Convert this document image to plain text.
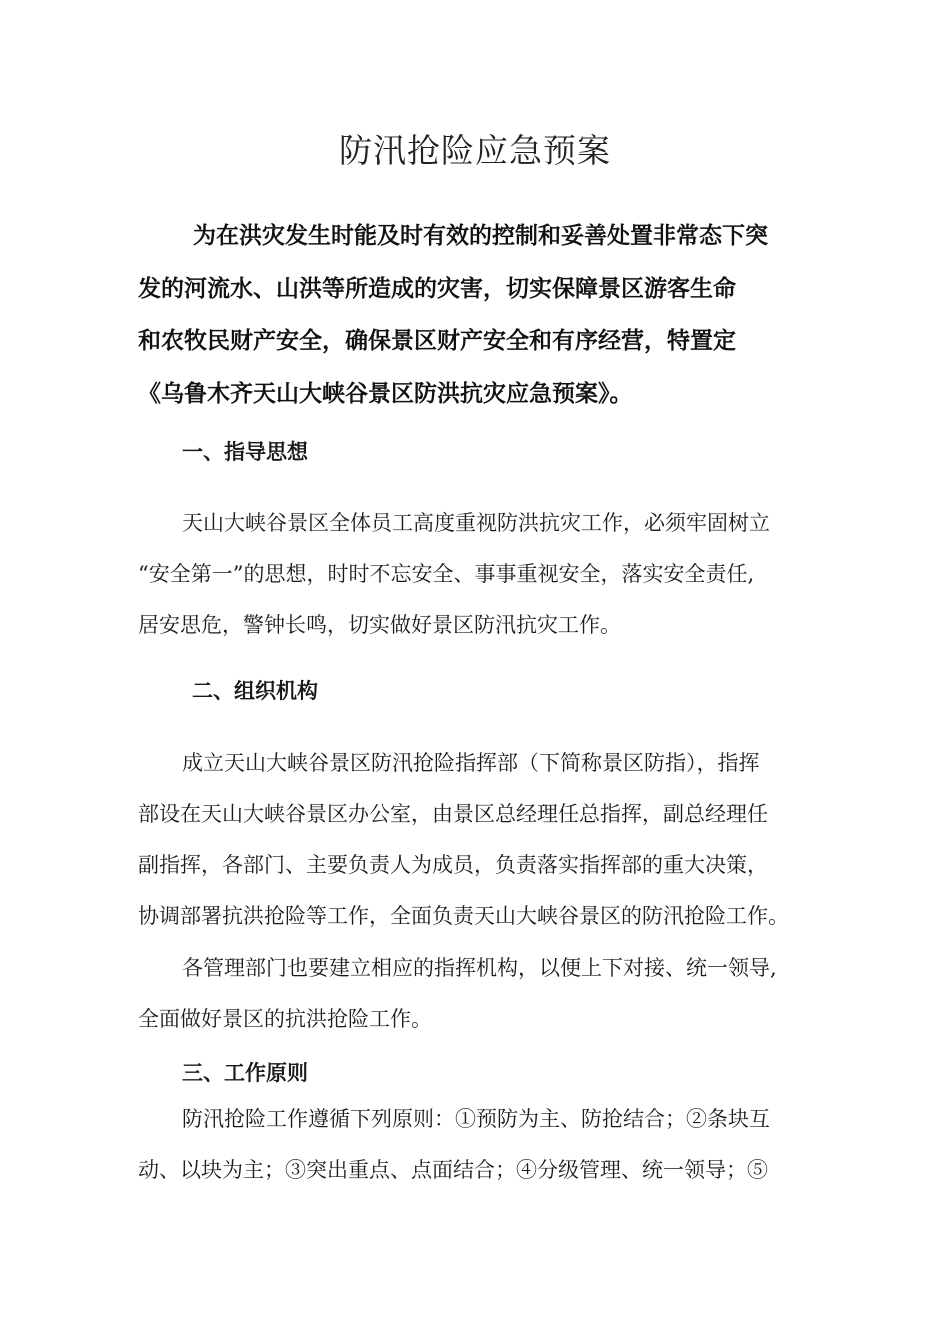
防汛抢险应急预案

为在洪灾发生时能及时有效的控制和妥善处置非常态下突
发的河流水、山洪等所造成的灾害，切实保障景区游客生命
和农牧民财产安全，确保景区财产安全和有序经营，特置定
《乌鲁木齐天山大峡谷景区防洪抗灾应急预案》。

一、指导思想

天山大峡谷景区全体员工高度重视防洪抗灾工作，必须牢固树立
“安全第一”的思想，时时不忘安全、事事重视安全，落实安全责任,
居安思危，警钟长鸣，切实做好景区防汛抗灾工作。

二、组织机构

成立天山大峡谷景区防汛抢险指挥部（下简称景区防指），指挥
部设在天山大峡谷景区办公室，由景区总经理任总指挥，副总经理任
副指挥，各部门、主要负责人为成员，负责落实指挥部的重大决策，
协调部署抗洪抢险等工作，全面负责天山大峡谷景区的防汛抢险工作。

各管理部门也要建立相应的指挥机构，以便上下对接、统一领导,
全面做好景区的抗洪抢险工作。

三、工作原则

防汛抢险工作遵循下列原则：①预防为主、防抢结合；②条块互
动、以块为主；③突出重点、点面结合；④分级管理、统一领导；⑤
